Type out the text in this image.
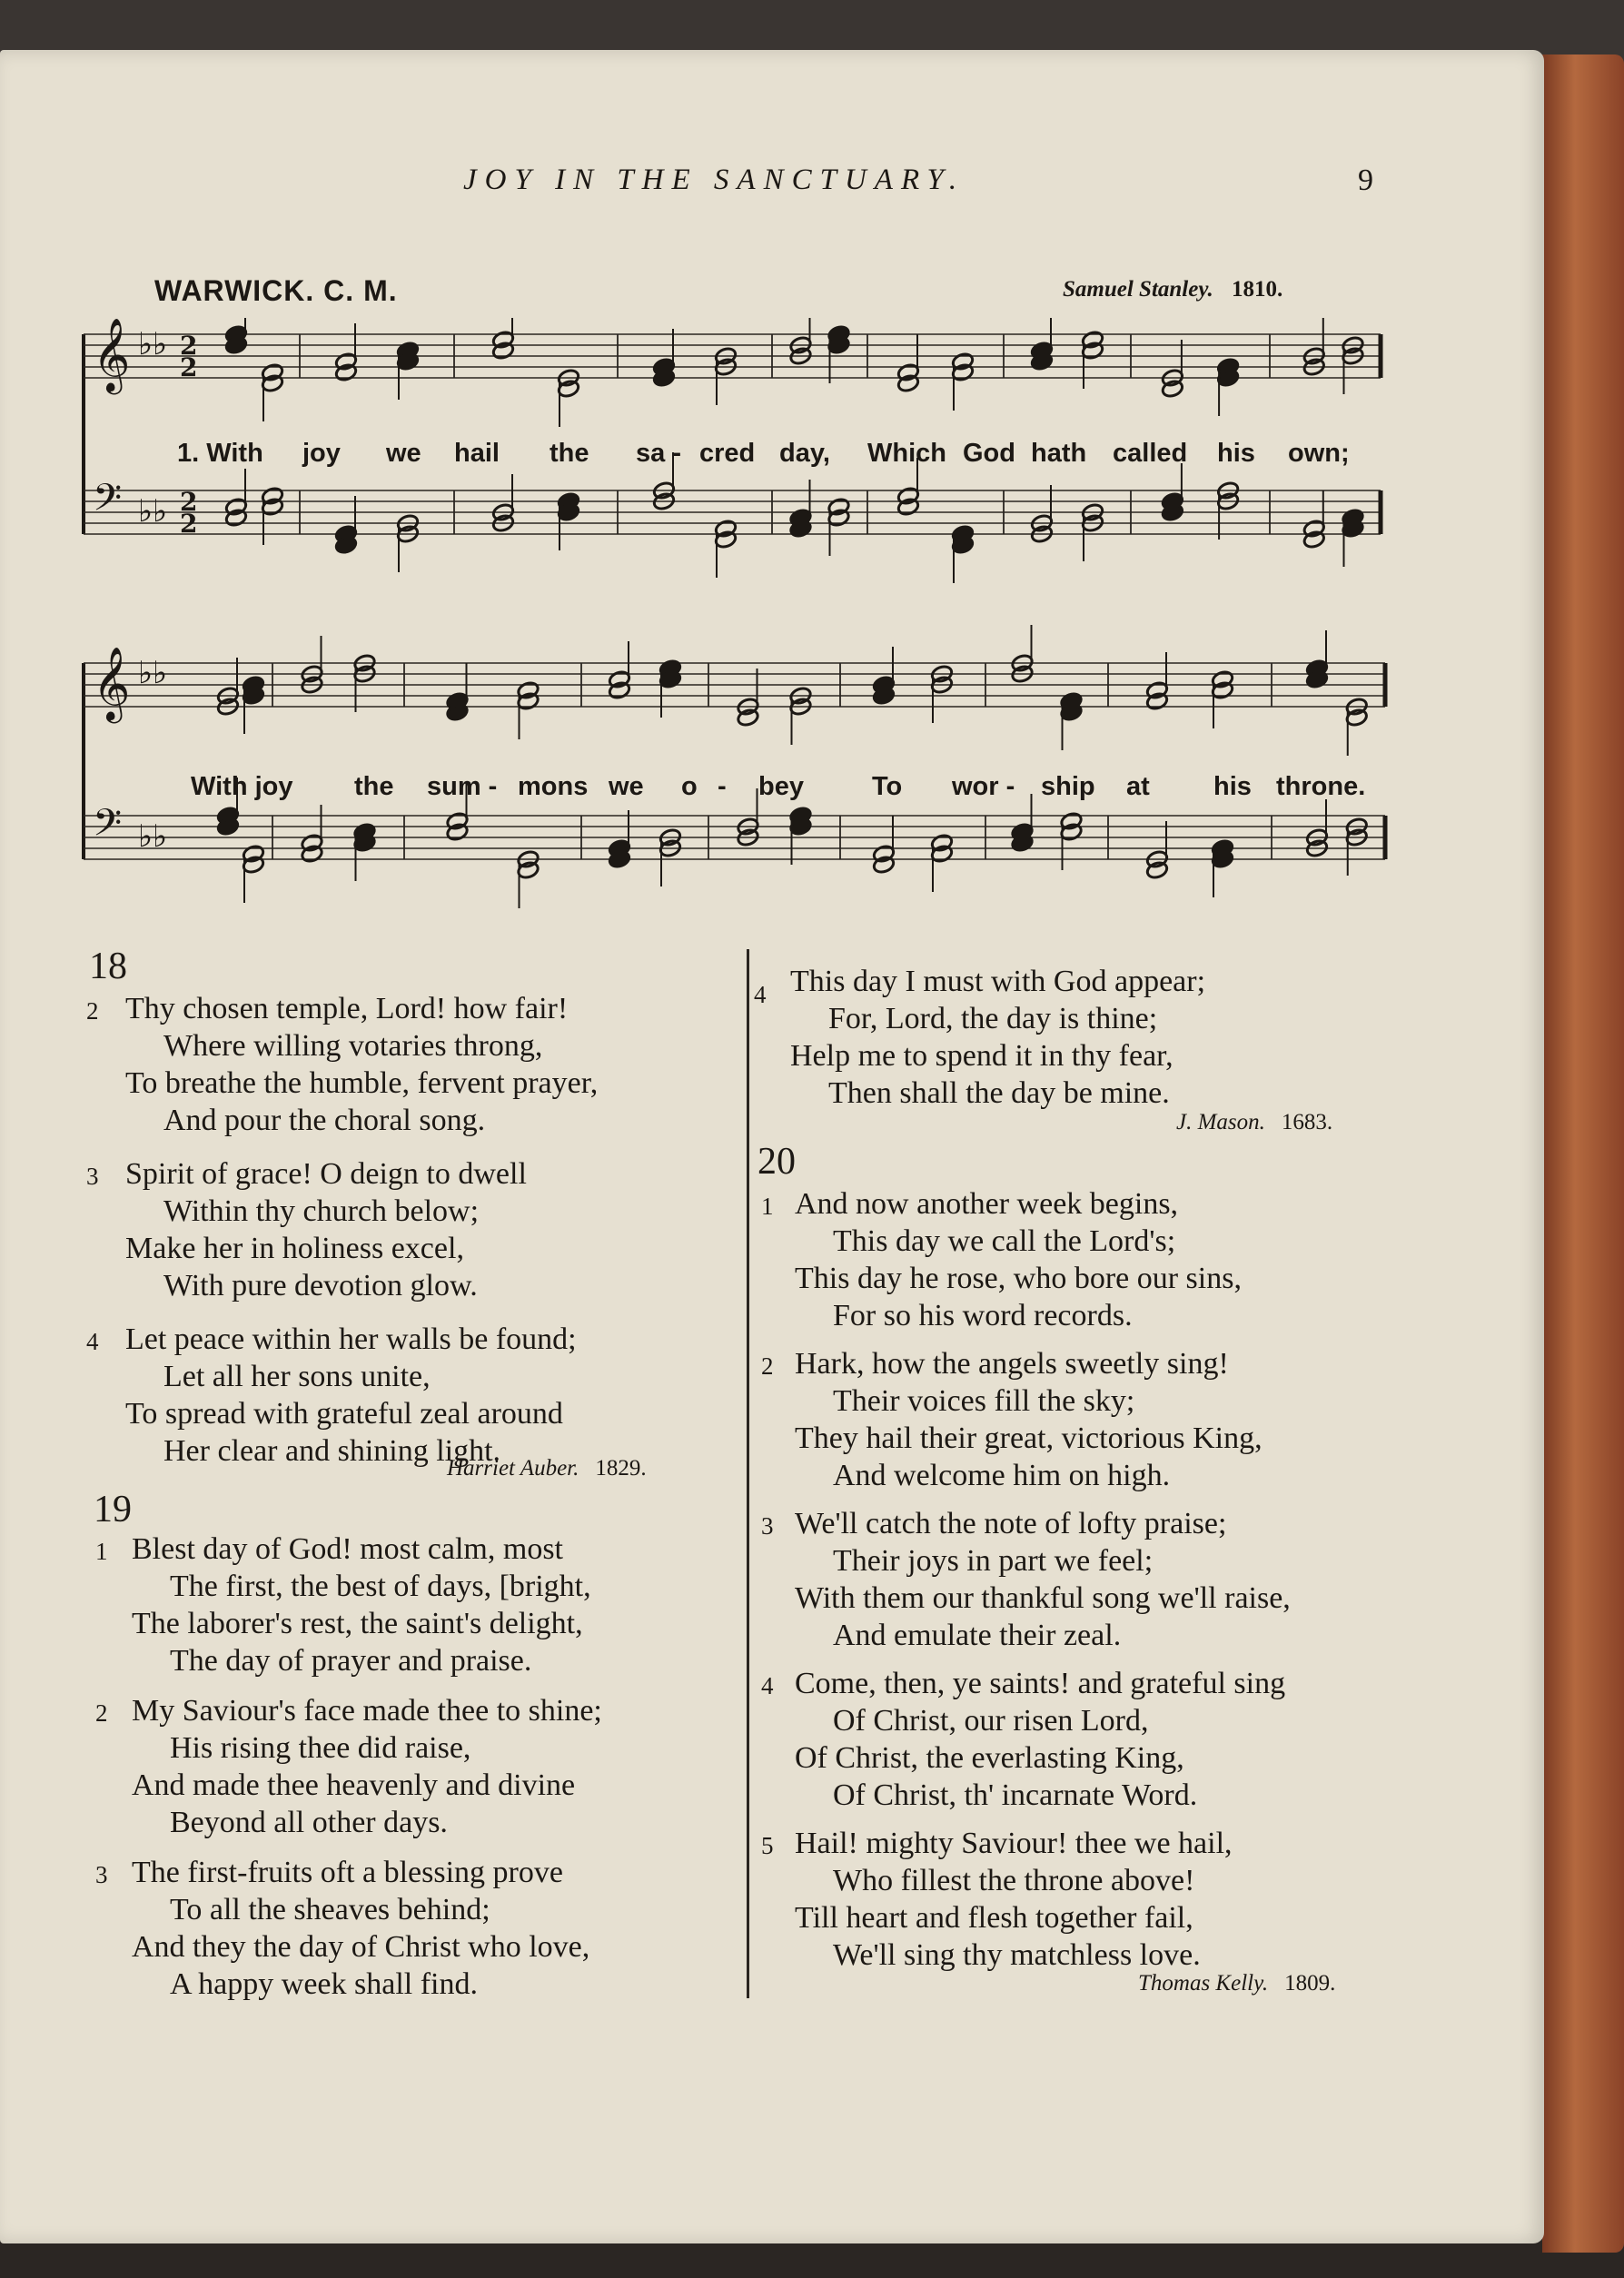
JOY IN THE SANCTUARY.	9
WARWICK. C. M.	Samuel Stanley. 1810.
𝄞 ♭♭ 2
2
𝄢 ♭♭ 2
2
𝄞 ♭♭
𝄢 ♭♭
1. With joy we hail the sa - cred day, Which God hath called his own;
With joy the sum - mons we o - bey	To wor - ship at his throne.
18
2 Thy chosen temple, Lord! how fair!
Where willing votaries throng,
To breathe the humble, fervent prayer,
And pour the choral song.
3 Spirit of grace! O deign to dwell
Within thy church below;
Make her in holiness excel,
With pure devotion glow.
4 Let peace within her walls be found;
Let all her sons unite,
To spread with grateful zeal around
Her clear and shining light.
Harriet Auber. 1829.
19
1 Blest day of God! most calm, most
The first, the best of days, [bright,
The laborer's rest, the saint's delight,
The day of prayer and praise.
2 My Saviour's face made thee to shine;
His rising thee did raise,
And made thee heavenly and divine
Beyond all other days.
3 The first-fruits oft a blessing prove
To all the sheaves behind;
And they the day of Christ who love,
A happy week shall find.
4 This day I must with God appear;
For, Lord, the day is thine;
Help me to spend it in thy fear,
Then shall the day be mine.
J. Mason. 1683.
20
1 And now another week begins,
This day we call the Lord's;
This day he rose, who bore our sins,
For so his word records.
2 Hark, how the angels sweetly sing!
Their voices fill the sky;
They hail their great, victorious King,
And welcome him on high.
3 We'll catch the note of lofty praise;
Their joys in part we feel;
With them our thankful song we'll raise,
And emulate their zeal.
4 Come, then, ye saints! and grateful sing
Of Christ, our risen Lord,
Of Christ, the everlasting King,
Of Christ, th' incarnate Word.
5 Hail! mighty Saviour! thee we hail,
Who fillest the throne above!
Till heart and flesh together fail,
We'll sing thy matchless love.
Thomas Kelly. 1809.
